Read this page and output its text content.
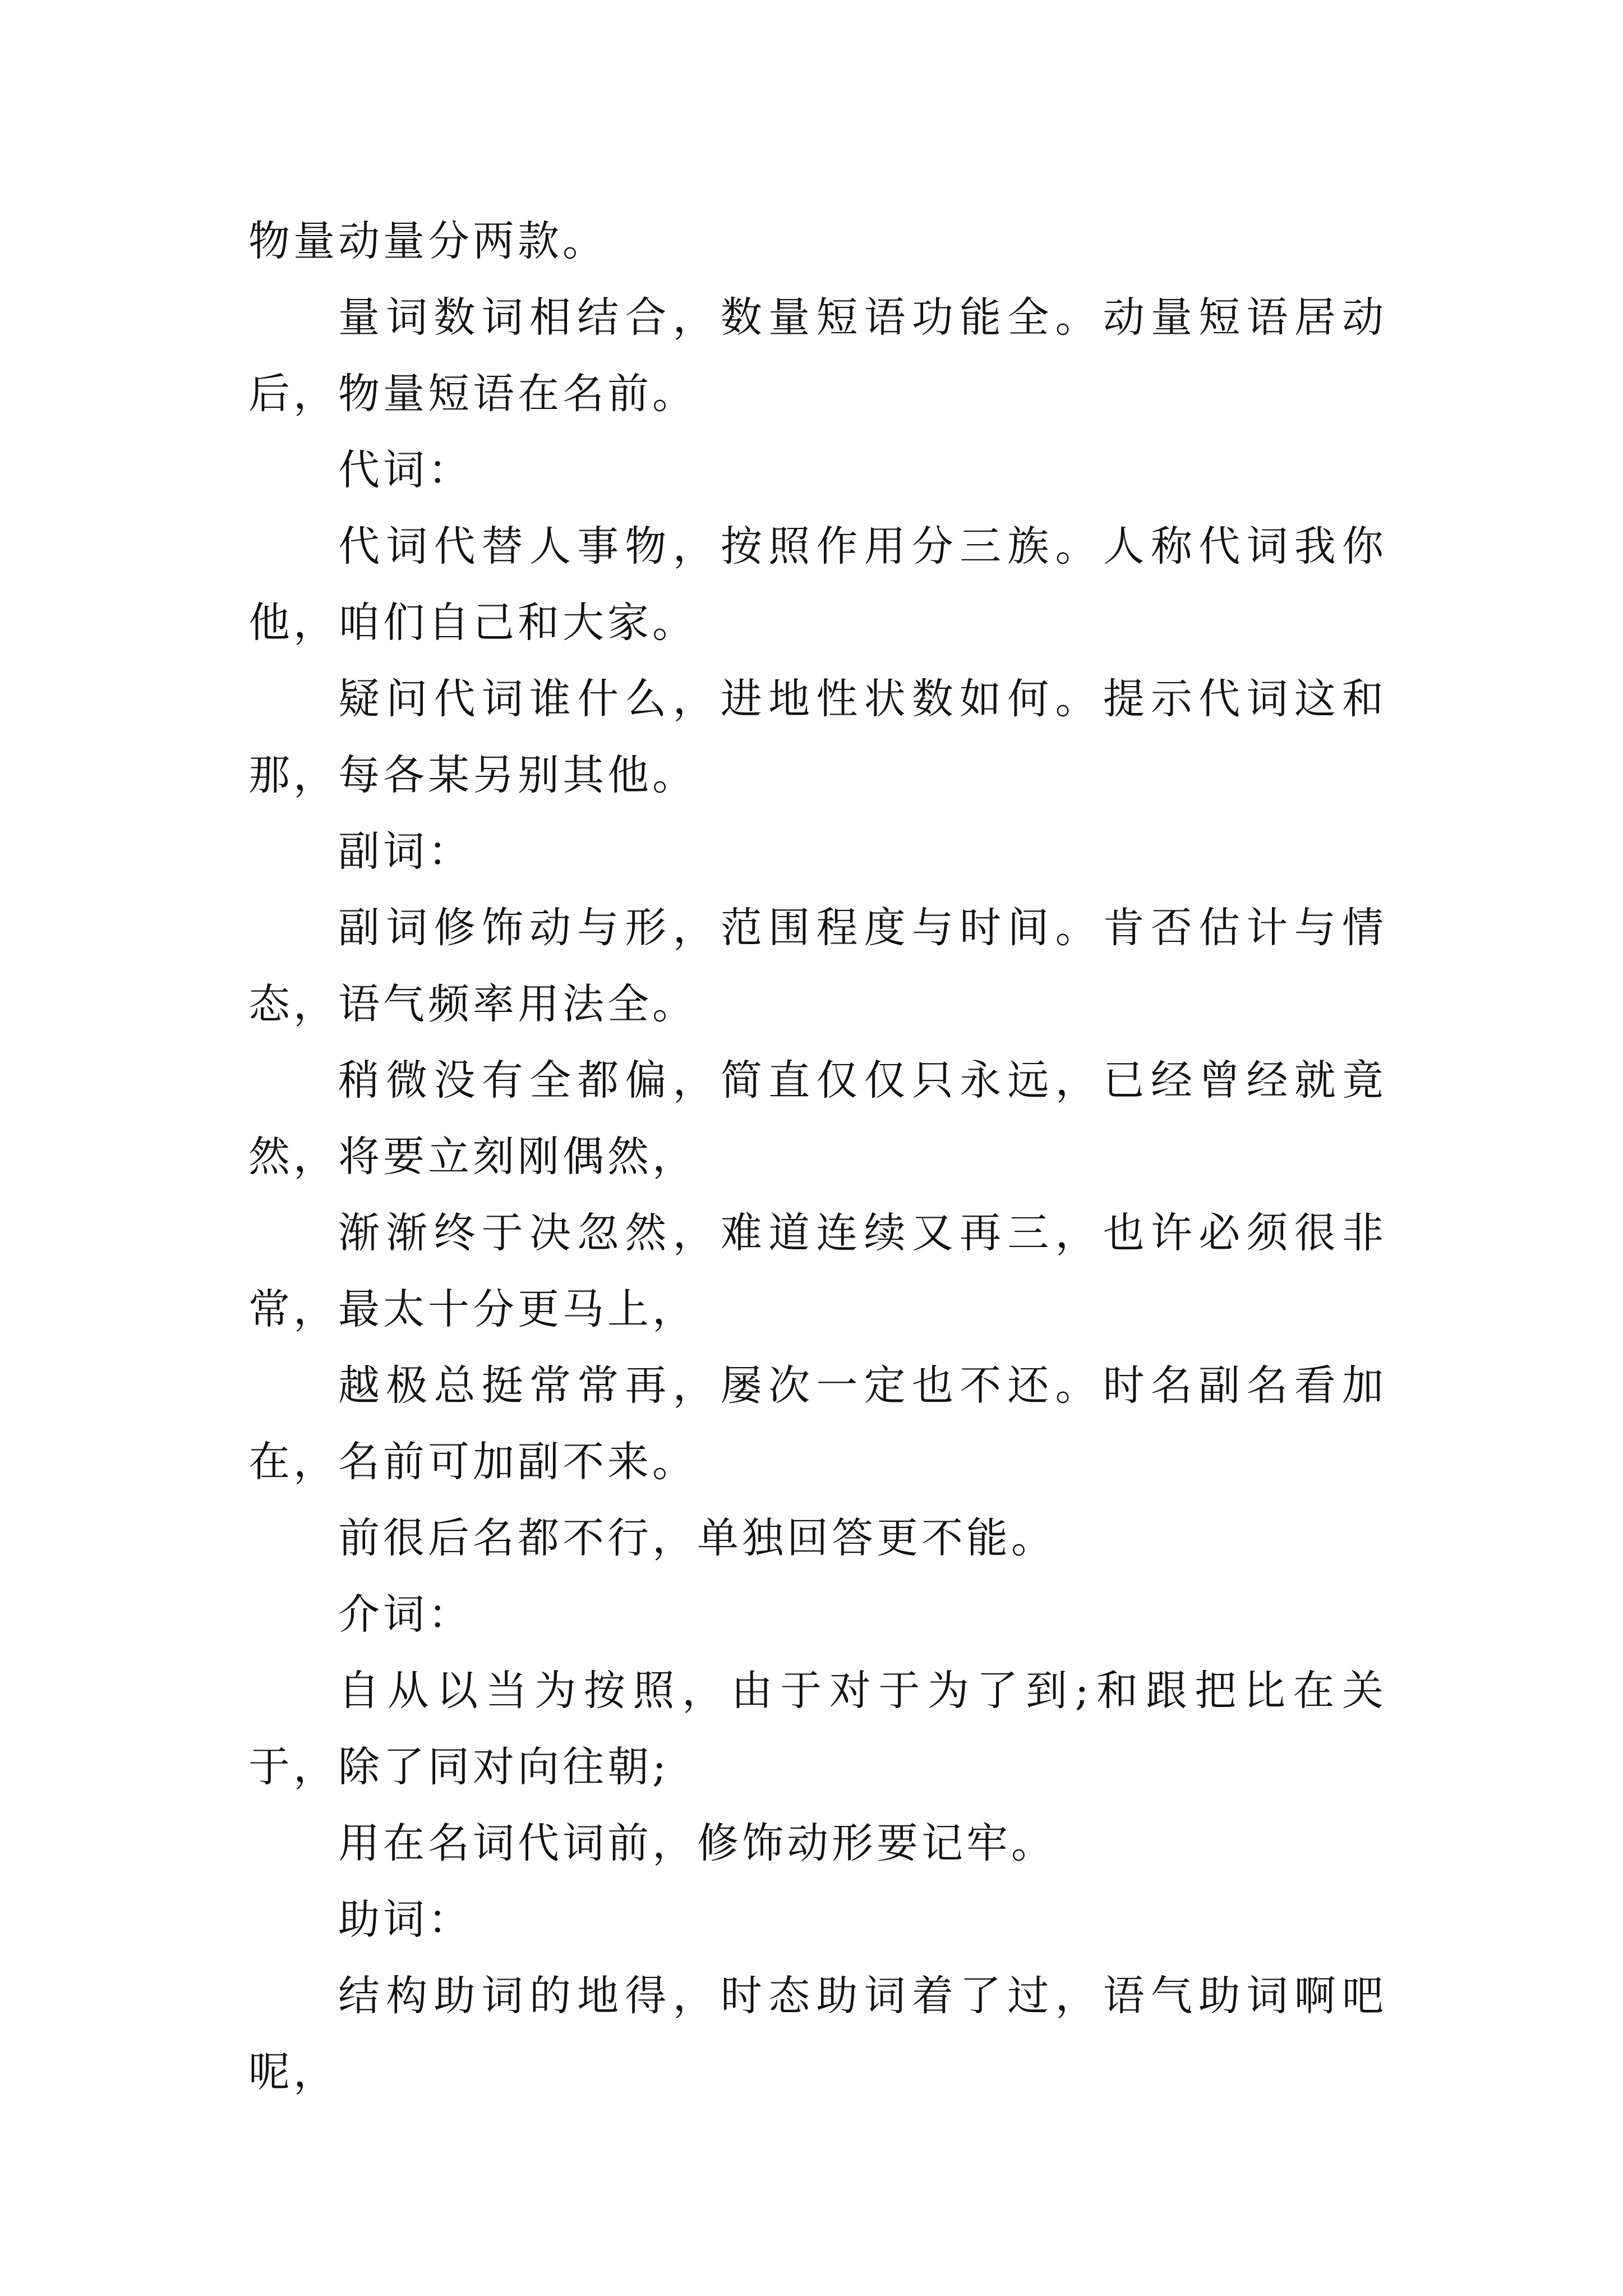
物量动量分两款。

量词数词相结合，数量短语功能全。动量短语居动后，物量短语在名前。

代词：

代词代替人事物，按照作用分三族。人称代词我你他，咱们自己和大家。

疑问代词谁什么，进地性状数如何。提示代词这和那，每各某另别其他。

副词：

副词修饰动与形，范围程度与时间。肯否估计与情态，语气频率用法全。

稍微没有全都偏，简直仅仅只永远，已经曾经就竟然，将要立刻刚偶然，

渐渐终于决忽然，难道连续又再三，也许必须很非常，最太十分更马上，

越极总挺常常再，屡次一定也不还。时名副名看加在，名前可加副不来。

前很后名都不行，单独回答更不能。

介词：

自从以当为按照，由于对于为了到;和跟把比在关于，除了同对向往朝;

用在名词代词前，修饰动形要记牢。

助词：

结构助词的地得，时态助词着了过，语气助词啊吧呢，
